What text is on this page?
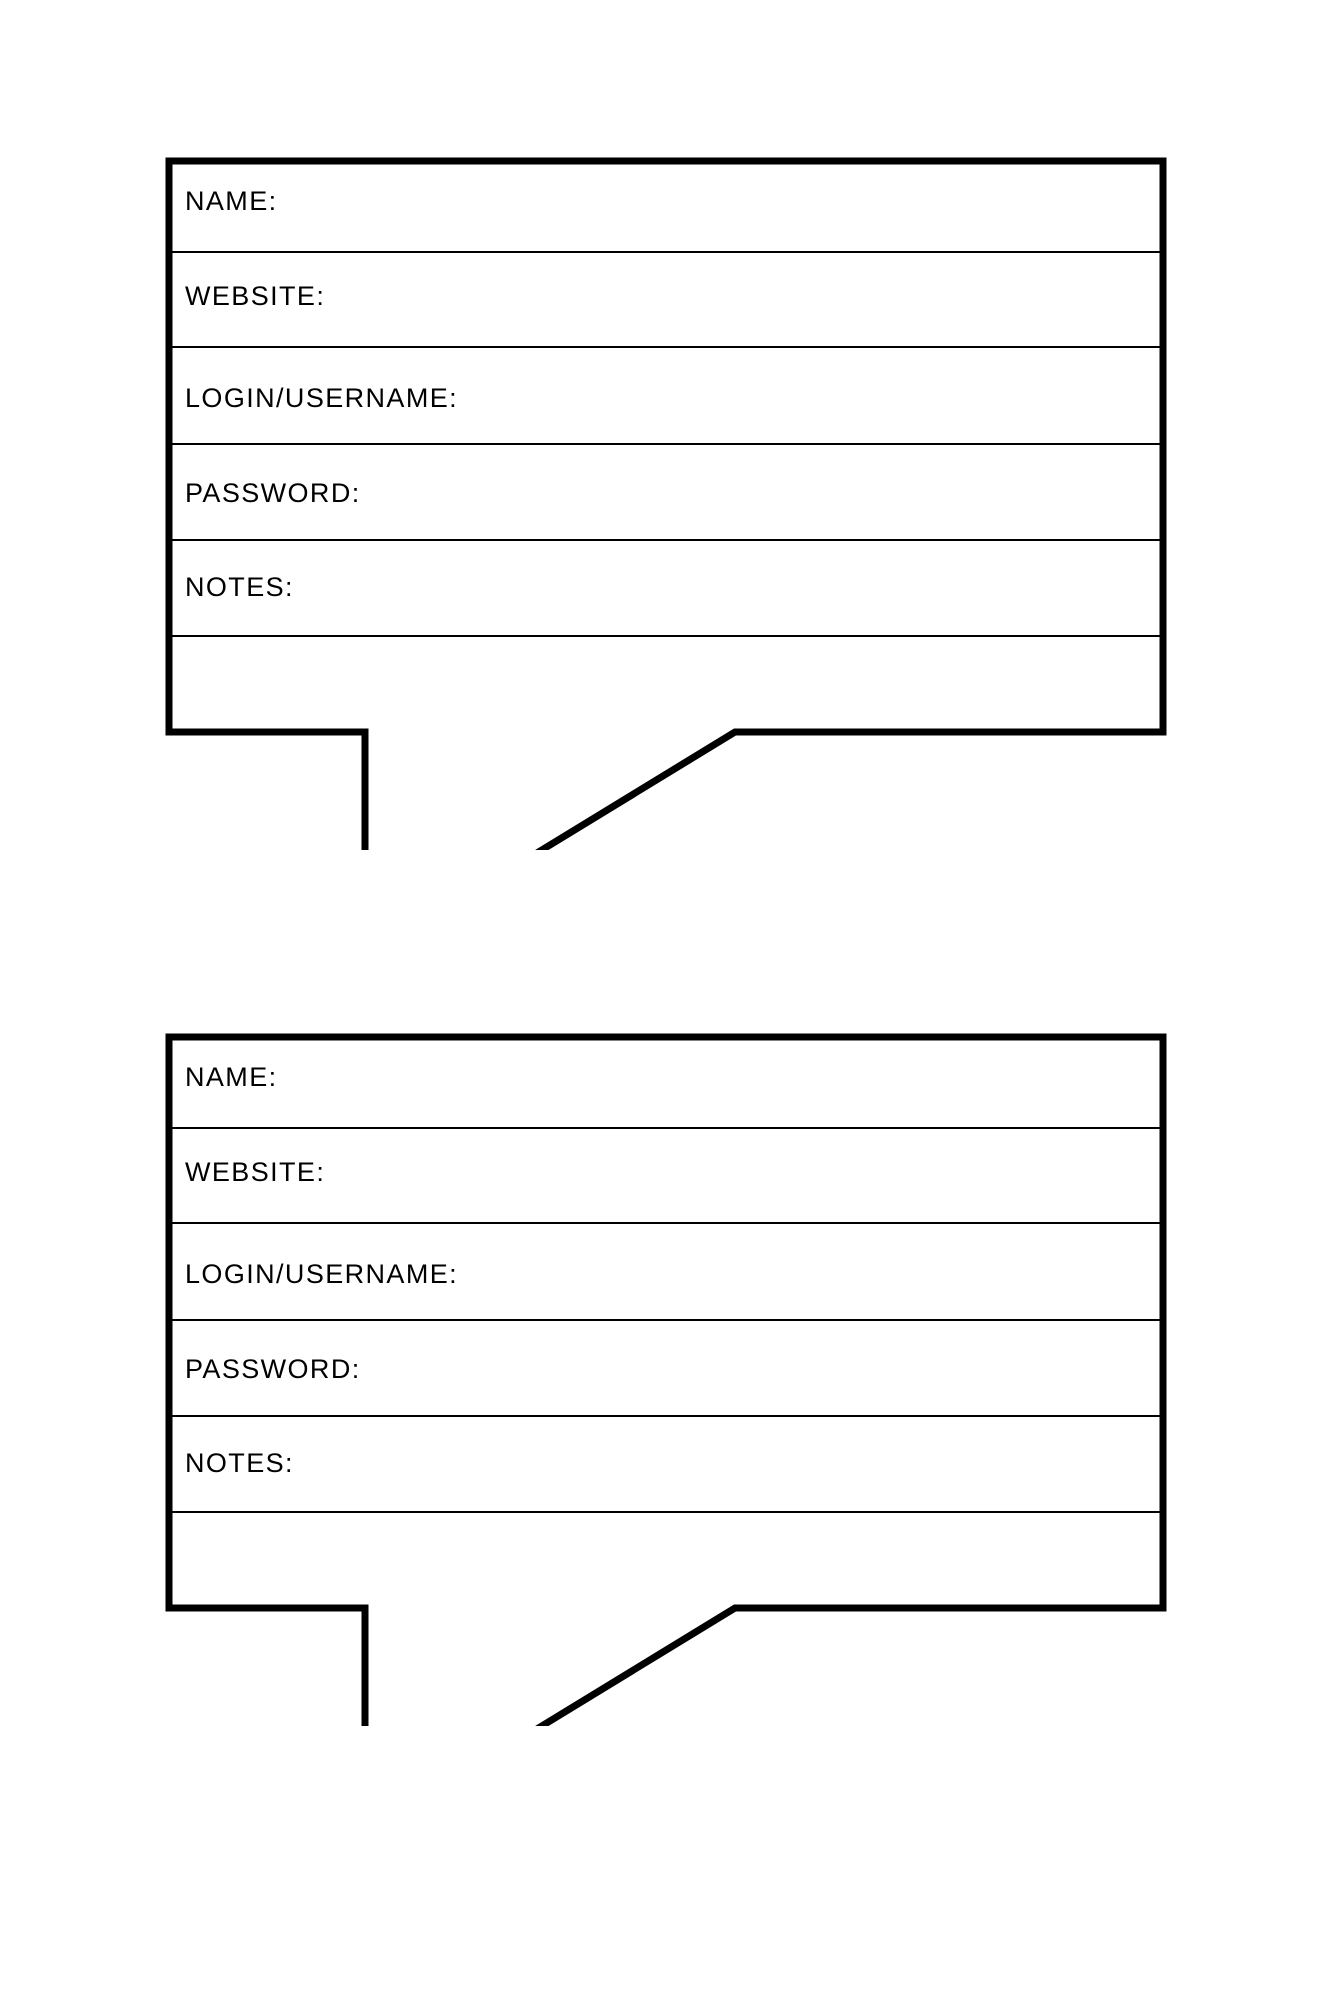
NAME:
WEBSITE:
LOGIN/USERNAME:
PASSWORD:
NOTES:
NAME:
WEBSITE:
LOGIN/USERNAME:
PASSWORD:
NOTES:
